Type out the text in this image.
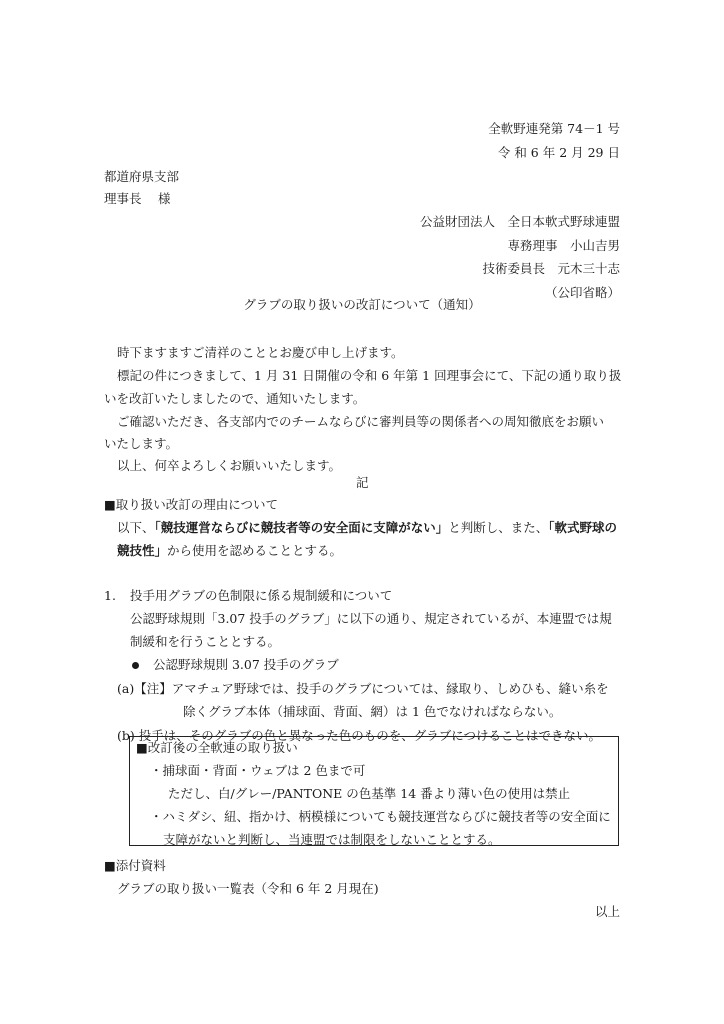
全軟野連発第 74－1 号
令 和 6 年 2 月 29 日
都道府県支部
理事長　 様
公益財団法人　全日本軟式野球連盟
専務理事　小山吉男
技術委員長　元木三十志
（公印省略）
グラブの取り扱いの改訂について（通知）
時下ますますご清祥のこととお慶び申し上げます。
標記の件につきまして、1 月 31 日開催の令和 6 年第 1 回理事会にて、下記の通り取り扱
いを改訂いたしましたので、通知いたします。
ご確認いただき、各支部内でのチームならびに審判員等の関係者への周知徹底をお願い
いたします。
以上、何卒よろしくお願いいたします。
記
■取り扱い改訂の理由について
以下、「競技運営ならびに競技者等の安全面に支障がない」と判断し、また、「軟式野球の
競技性」から使用を認めることとする。
1. 投手用グラブの色制限に係る規制緩和について
公認野球規則「3.07 投手のグラブ」に以下の通り、規定されているが、本連盟では規
制緩和を行うこととする。
公認野球規則 3.07 投手のグラブ
(a)【注】アマチュア野球では、投手のグラブについては、縁取り、しめひも、縫い糸を
除くグラブ本体（捕球面、背面、網）は 1 色でなければならない。
(b) 投手は、そのグラブの色と異なった色のものを、グラブにつけることはできない。
■改訂後の全軟連の取り扱い
・捕球面・背面・ウェブは 2 色まで可
ただし、白/グレー/PANTONE の色基準 14 番より薄い色の使用は禁止
・ハミダシ、紐、指かけ、柄模様についても競技運営ならびに競技者等の安全面に
支障がないと判断し、当連盟では制限をしないこととする。
■添付資料
グラブの取り扱い一覧表（令和 6 年 2 月現在)
以上
